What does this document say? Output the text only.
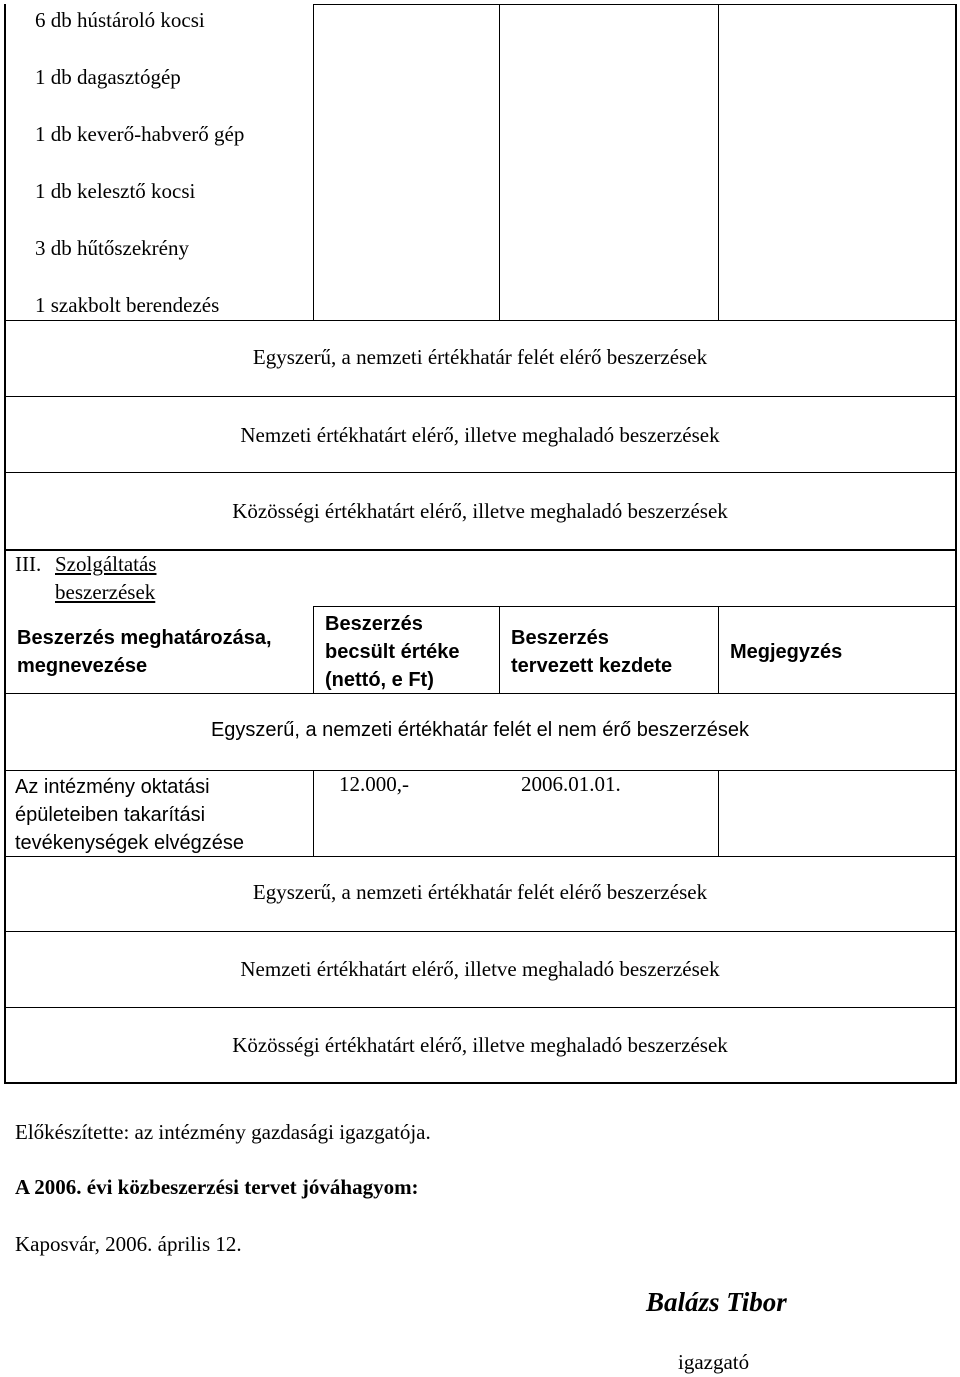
6 db hústároló kocsi
1 db dagasztógép
1 db keverő-habverő gép
1 db kelesztő kocsi
3 db hűtőszekrény
1 szakbolt berendezés
Egyszerű, a nemzeti értékhatár felét elérő beszerzések
Nemzeti értékhatárt elérő, illetve meghaladó beszerzések
Közösségi értékhatárt elérő, illetve meghaladó beszerzések
III. Szolgáltatás
beszerzések
Beszerzés meghatározása,
megnevezése
Beszerzés
becsült értéke
(nettó, e Ft)
Beszerzés
tervezett kezdete
Megjegyzés
Egyszerű, a nemzeti értékhatár felét el nem érő beszerzések
Az intézmény oktatási
épületeiben takarítási
tevékenységek elvégzése
12.000,-	2006.01.01.
Egyszerű, a nemzeti értékhatár felét elérő beszerzések
Nemzeti értékhatárt elérő, illetve meghaladó beszerzések
Közösségi értékhatárt elérő, illetve meghaladó beszerzések
Előkészítette: az intézmény gazdasági igazgatója.
A 2006. évi közbeszerzési tervet jóváhagyom:
Kaposvár, 2006. április 12.
Balázs Tibor
igazgató
